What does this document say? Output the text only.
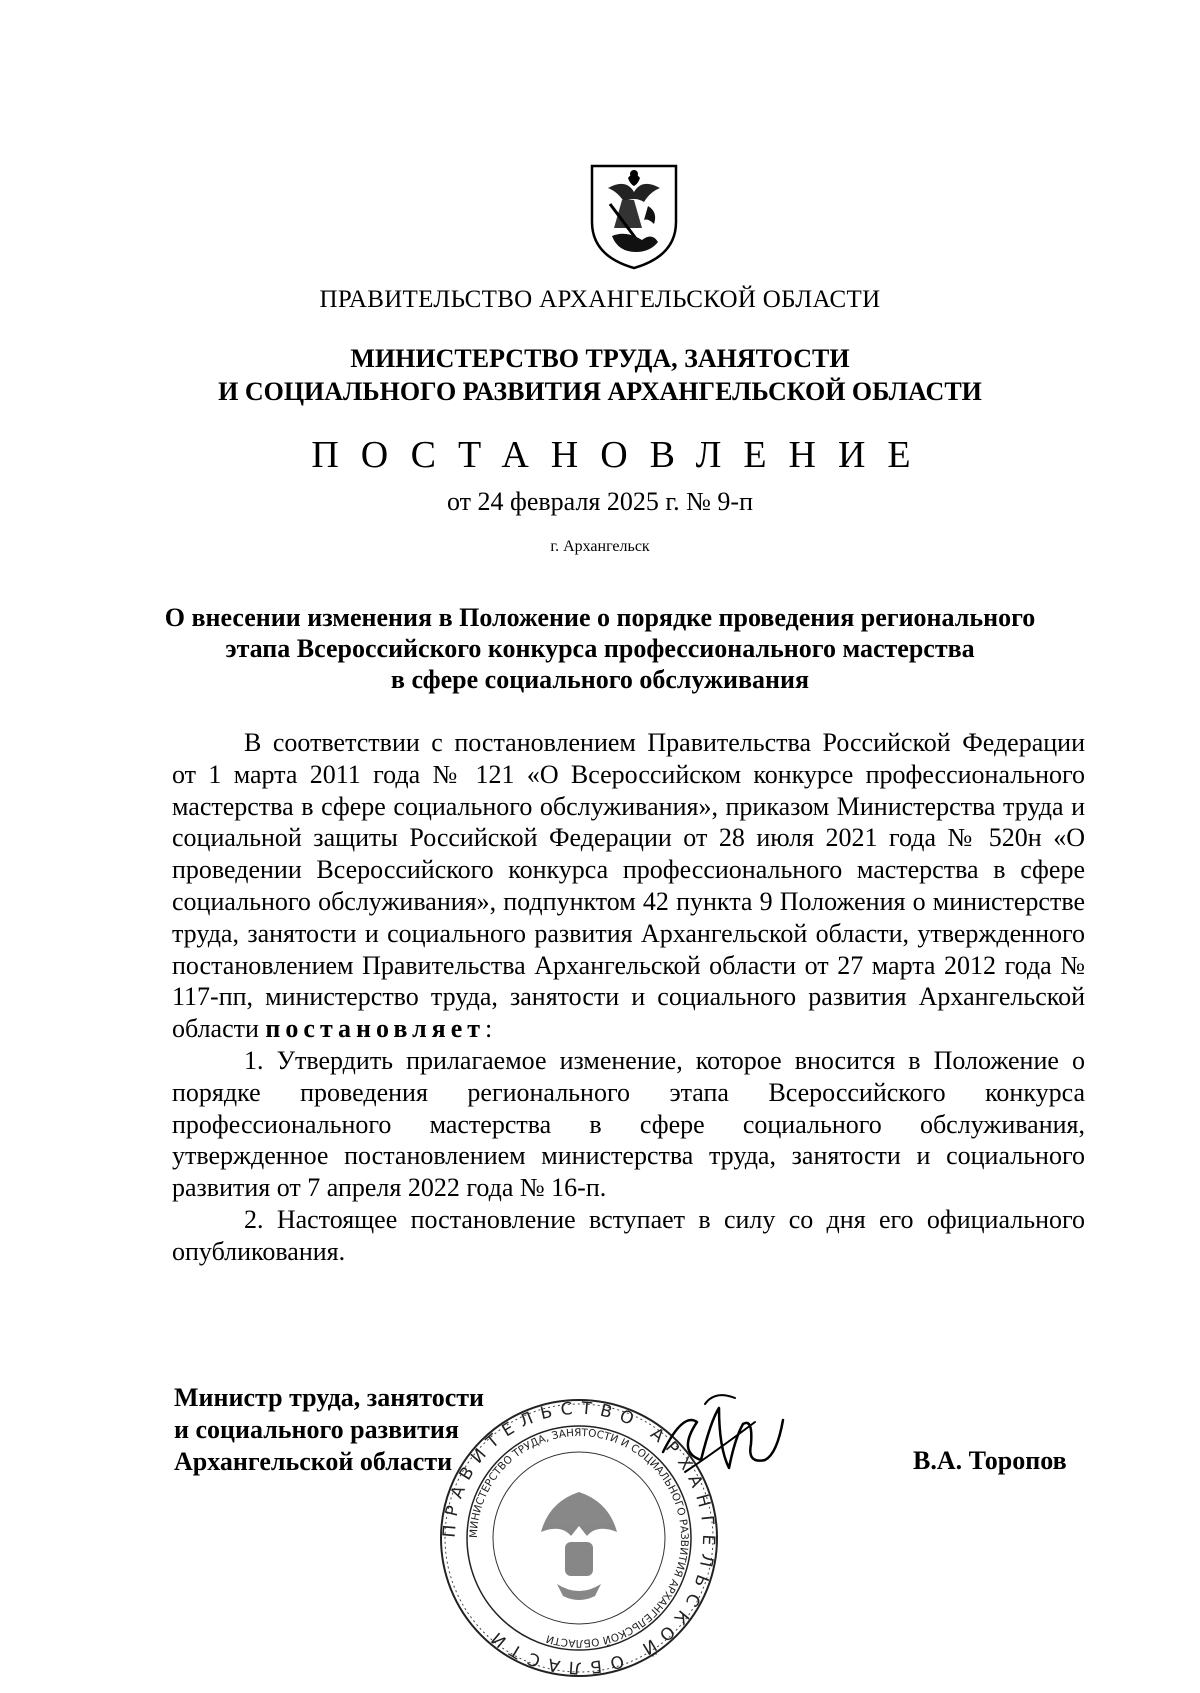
ПРАВИТЕЛЬСТВО АРХАНГЕЛЬСКОЙ ОБЛАСТИ
МИНИСТЕРСТВО ТРУДА, ЗАНЯТОСТИ
И СОЦИАЛЬНОГО РАЗВИТИЯ АРХАНГЕЛЬСКОЙ ОБЛАСТИ
ПОСТАНОВЛЕНИЕ
от 24 февраля 2025 г. № 9-п
г. Архангельск
О внесении изменения в Положение о порядке проведения регионального
этапа Всероссийского конкурса профессионального мастерства
в сфере социального обслуживания

В соответствии с постановлением Правительства Российской Федерации от 1 марта 2011 года № 121 «О Всероссийском конкурсе профессионального мастерства в сфере социального обслуживания», приказом Министерства труда и социальной защиты Российской Федерации от 28 июля 2021 года № 520н «О проведении Всероссийского конкурса профессионального мастерства в сфере социального обслуживания», подпунктом 42 пункта 9 Положения о министерстве труда, занятости и социального развития Архангельской области, утвержденного постановлением Правительства Архангельской области от 27 марта 2012 года № 117-пп, министерство труда, занятости и социального развития Архангельской области постановляет:

1. Утвердить прилагаемое изменение, которое вносится в Положение о порядке проведения регионального этапа Всероссийского конкурса профессионального мастерства в сфере социального обслуживания, утвержденное постановлением министерства труда, занятости и социального развития от 7 апреля 2022 года № 16-п.

2. Настоящее постановление вступает в силу со дня его официального опубликования.

ПРАВИТЕЛЬСТВО АРХАНГЕЛЬСКОЙ ОБЛАСТИ
МИНИСТЕРСТВО ТРУДА, ЗАНЯТОСТИ И СОЦИАЛЬНОГО РАЗВИТИЯ АРХАНГЕЛЬСКОЙ ОБЛАСТИ
Министр труда, занятости
и социального развития
Архангельской области	В.А. Торопов
